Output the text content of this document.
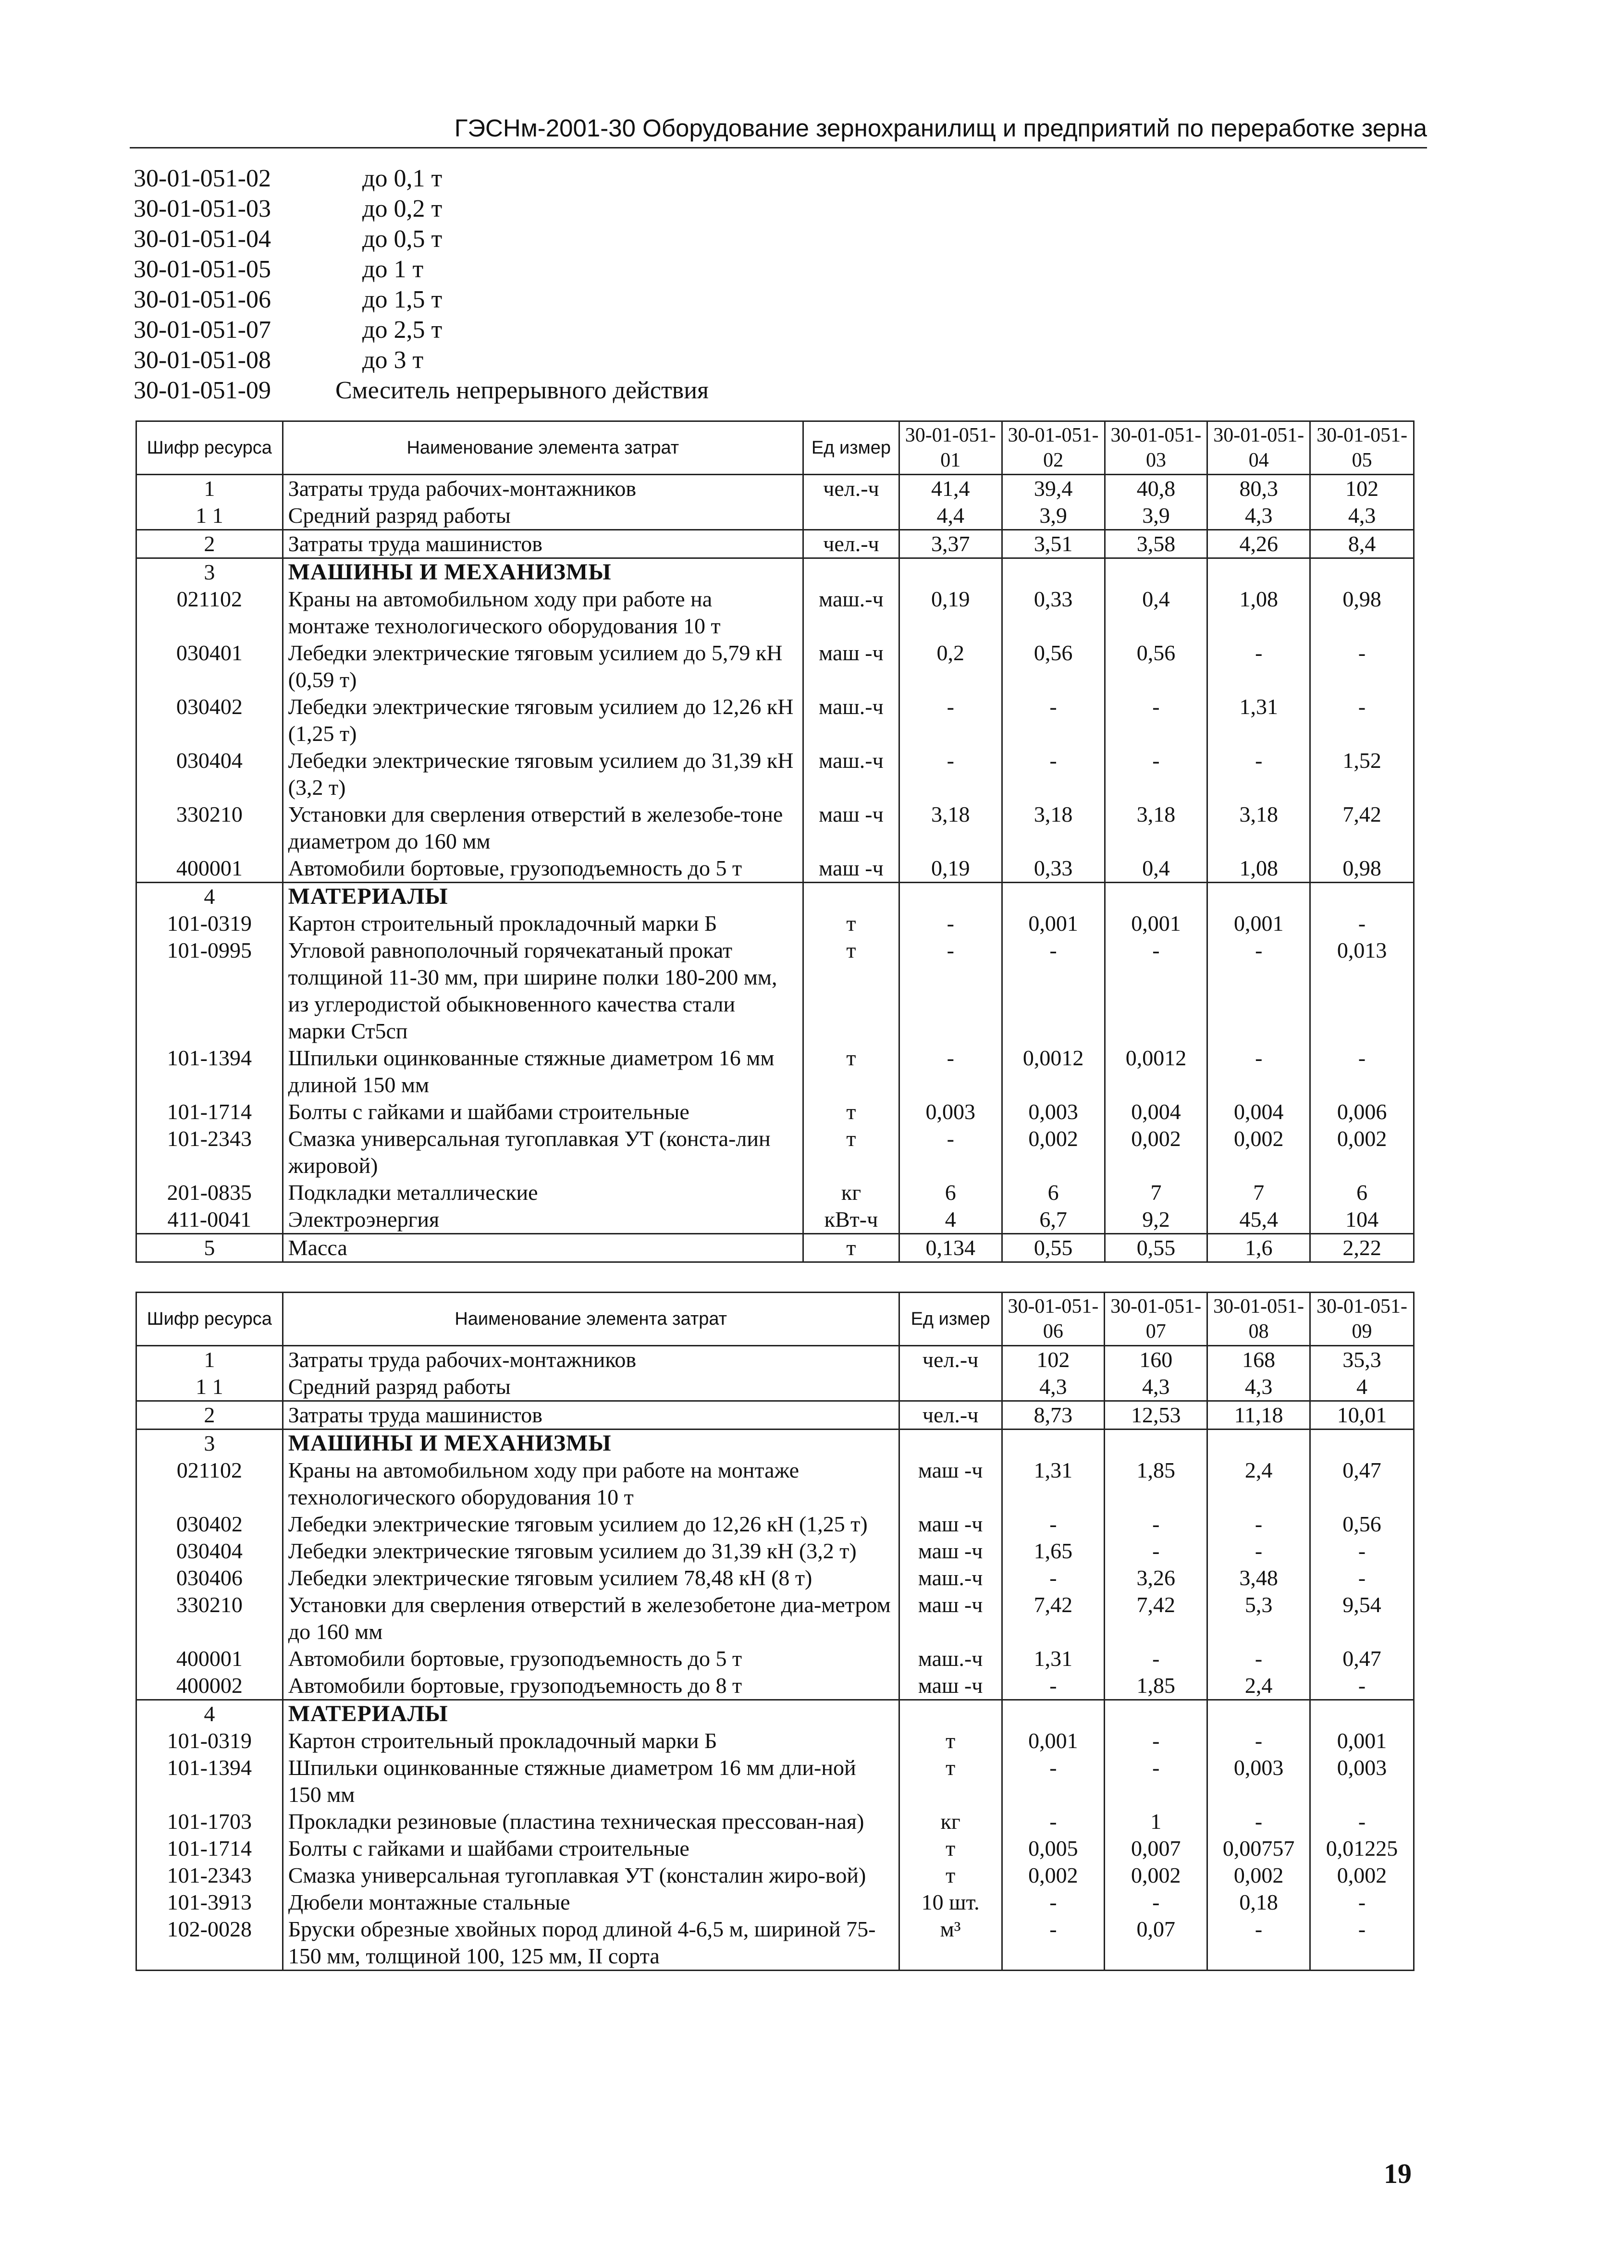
ГЭСНм-2001-30 Оборудование зернохранилищ и предприятий по переработке зерна
30-01-051-02	до 0,1 т
30-01-051-03	до 0,2 т
30-01-051-04	до 0,5 т
30-01-051-05	до 1 т
30-01-051-06	до 1,5 т
30-01-051-07	до 2,5 т
30-01-051-08	до 3 т
30-01-051-09	Смеситель непрерывного действия
Шифр ресурса	Наименование элемента затрат	Ед измер	30-01-051-01	30-01-051-02	30-01-051-03	30-01-051-04	30-01-051-05
1	Затраты труда рабочих-монтажников	чел.-ч	41,4	39,4	40,8	80,3	102
1 1	Средний разряд работы		4,4	3,9	3,9	4,3	4,3
2	Затраты труда машинистов	чел.-ч	3,37	3,51	3,58	4,26	8,4
3	МАШИНЫ И МЕХАНИЗМЫ						
021102	Краны на автомобильном ходу при работе на монтаже технологического оборудования 10 т	маш.-ч	0,19	0,33	0,4	1,08	0,98
030401	Лебедки электрические тяговым усилием до 5,79 кН (0,59 т)	маш -ч	0,2	0,56	0,56	-	-
030402	Лебедки электрические тяговым усилием до 12,26 кН (1,25 т)	маш.-ч	-	-	-	1,31	-
030404	Лебедки электрические тяговым усилием до 31,39 кН (3,2 т)	маш.-ч	-	-	-	-	1,52
330210	Установки для сверления отверстий в железобе-тоне диаметром до 160 мм	маш -ч	3,18	3,18	3,18	3,18	7,42
400001	Автомобили бортовые, грузоподъемность до 5 т	маш -ч	0,19	0,33	0,4	1,08	0,98
4	МАТЕРИАЛЫ						
101-0319	Картон строительный прокладочный марки Б	т	-	0,001	0,001	0,001	-
101-0995	Угловой равнополочный горячекатаный прокат толщиной 11-30 мм, при ширине полки 180-200 мм, из углеродистой обыкновенного качества стали марки Ст5сп	т	-	-	-	-	0,013
101-1394	Шпильки оцинкованные стяжные диаметром 16 мм длиной 150 мм	т	-	0,0012	0,0012	-	-
101-1714	Болты с гайками и шайбами строительные	т	0,003	0,003	0,004	0,004	0,006
101-2343	Смазка универсальная тугоплавкая УТ (конста-лин жировой)	т	-	0,002	0,002	0,002	0,002
201-0835	Подкладки металлические	кг	6	6	7	7	6
411-0041	Электроэнергия	кВт-ч	4	6,7	9,2	45,4	104
5	Масса	т	0,134	0,55	0,55	1,6	2,22
Шифр ресурса	Наименование элемента затрат	Ед измер	30-01-051-06	30-01-051-07	30-01-051-08	30-01-051-09
1	Затраты труда рабочих-монтажников	чел.-ч	102	160	168	35,3
1 1	Средний разряд работы		4,3	4,3	4,3	4
2	Затраты труда машинистов	чел.-ч	8,73	12,53	11,18	10,01
3	МАШИНЫ И МЕХАНИЗМЫ					
021102	Краны на автомобильном ходу при работе на монтаже технологического оборудования 10 т	маш -ч	1,31	1,85	2,4	0,47
030402	Лебедки электрические тяговым усилием до 12,26 кН (1,25 т)	маш -ч	-	-	-	0,56
030404	Лебедки электрические тяговым усилием до 31,39 кН (3,2 т)	маш -ч	1,65	-	-	-
030406	Лебедки электрические тяговым усилием 78,48 кН (8 т)	маш.-ч	-	3,26	3,48	-
330210	Установки для сверления отверстий в железобетоне диа-метром до 160 мм	маш -ч	7,42	7,42	5,3	9,54
400001	Автомобили бортовые, грузоподъемность до 5 т	маш.-ч	1,31	-	-	0,47
400002	Автомобили бортовые, грузоподъемность до 8 т	маш -ч	-	1,85	2,4	-
4	МАТЕРИАЛЫ					
101-0319	Картон строительный прокладочный марки Б	т	0,001	-	-	0,001
101-1394	Шпильки оцинкованные стяжные диаметром 16 мм дли-ной 150 мм	т	-	-	0,003	0,003
101-1703	Прокладки резиновые (пластина техническая прессован-ная)	кг	-	1	-	-
101-1714	Болты с гайками и шайбами строительные	т	0,005	0,007	0,00757	0,01225
101-2343	Смазка универсальная тугоплавкая УТ (консталин жиро-вой)	т	0,002	0,002	0,002	0,002
101-3913	Дюбели монтажные стальные	10 шт.	-	-	0,18	-
102-0028	Бруски обрезные хвойных пород длиной 4-6,5 м, шириной 75-150 мм, толщиной 100, 125 мм, II сорта	м³	-	0,07	-	-
19
